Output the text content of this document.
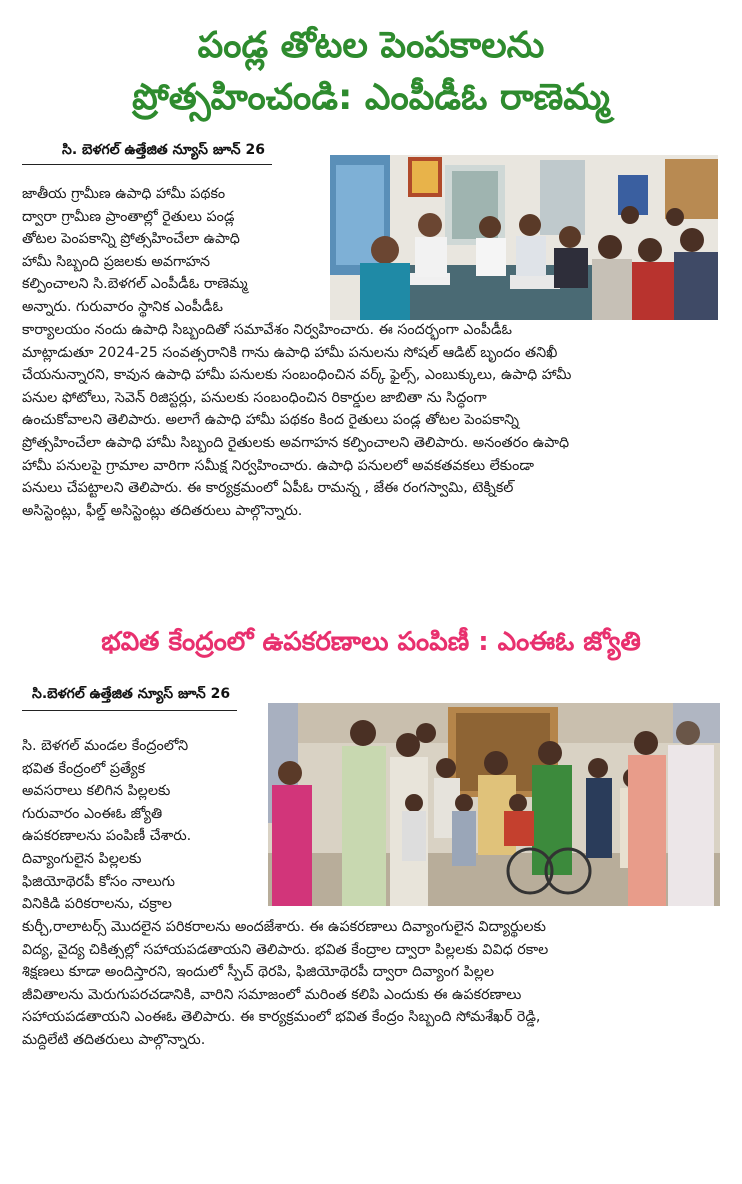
పండ్ల తోటల పెంపకాలను
ప్రోత్సహించండి: ఎంపీడీఓ రాణెమ్మ
సి. బెళగల్ ఉత్తేజిత న్యూస్ జూన్ 26
జాతీయ గ్రామీణ ఉపాధి హామీ పథకం
ద్వారా గ్రామీణ ప్రాంతాల్లో రైతులు పండ్ల
తోటల పెంపకాన్ని ప్రోత్సహించేలా ఉపాధి
హామీ సిబ్బంది ప్రజలకు అవగాహన
కల్పించాలని సి.బెళగల్ ఎంపీడీఓ రాణెమ్మ
అన్నారు. గురువారం స్థానిక ఎంపీడీఓ
కార్యాలయం నందు ఉపాధి సిబ్బందితో సమావేశం నిర్వహించారు. ఈ సందర్భంగా ఎంపీడీఓ
మాట్లాడుతూ 2024-25 సంవత్సరానికి గాను ఉపాధి హామీ పనులను సోషల్ ఆడిట్ బృందం తనిఖీ
చేయనున్నారని, కావున ఉపాధి హామీ పనులకు సంబంధించిన వర్క్ ఫైల్స్, ఎంబుక్కులు, ఉపాధి హామీ
పనుల ఫోటోలు, సెవెన్ రిజిస్టర్లు, పనులకు సంబంధించిన రికార్డుల జాబితా ను సిద్ధంగా
ఉంచుకోవాలని తెలిపారు. అలాగే ఉపాధి హామీ పథకం కింద రైతులు పండ్ల తోటల పెంపకాన్ని
ప్రోత్సహించేలా ఉపాధి హామీ సిబ్బంది రైతులకు అవగాహన కల్పించాలని తెలిపారు. అనంతరం ఉపాధి
హామీ పనులపై గ్రామాల వారిగా సమీక్ష నిర్వహించారు. ఉపాధి పనులలో అవకతవకలు లేకుండా
పనులు చేపట్టాలని తెలిపారు. ఈ కార్యక్రమంలో ఏపీఓ రామన్న , జేఈ రంగస్వామి, టెక్నికల్
అసిస్టెంట్లు, ఫీల్డ్ అసిస్టెంట్లు తదితరులు పాల్గొన్నారు.
భవిత కేంద్రంలో ఉపకరణాలు పంపిణీ : ఎంఈఓ జ్యోతి
సి.బెళగల్ ఉత్తేజిత న్యూస్ జూన్ 26
సి. బెళగల్ మండల కేంద్రంలోని
భవిత కేంద్రంలో ప్రత్యేక
అవసరాలు కలిగిన పిల్లలకు
గురువారం ఎంఈఓ జ్యోతి
ఉపకరణాలను పంపిణీ చేశారు.
దివ్యాంగులైన పిల్లలకు
ఫిజియోథెరపీ కోసం నాలుగు
వినికిడి పరికరాలను, చక్రాల
కుర్చీ,రాలాటర్స్ మొదలైన పరికరాలను అందజేశారు. ఈ ఉపకరణాలు దివ్యాంగులైన విద్యార్థులకు
విద్య, వైద్య చికిత్సల్లో సహాయపడతాయని తెలిపారు. భవిత కేంద్రాల ద్వారా పిల్లలకు వివిధ రకాల
శిక్షణలు కూడా అందిస్తారని, ఇందులో స్పీచ్ థెరపి, ఫిజియోథెరపీ ద్వారా దివ్యాంగ పిల్లల
జీవితాలను మెరుగుపరచడానికి, వారిని సమాజంలో మరింత కలిపి ఎందుకు ఈ ఉపకరణాలు
సహాయపడతాయని ఎంఈఓ తెలిపారు. ఈ కార్యక్రమంలో భవిత కేంద్రం సిబ్బంది సోమశేఖర్ రెడ్డి,
మద్దిలేటి తదితరులు పాల్గొన్నారు.
